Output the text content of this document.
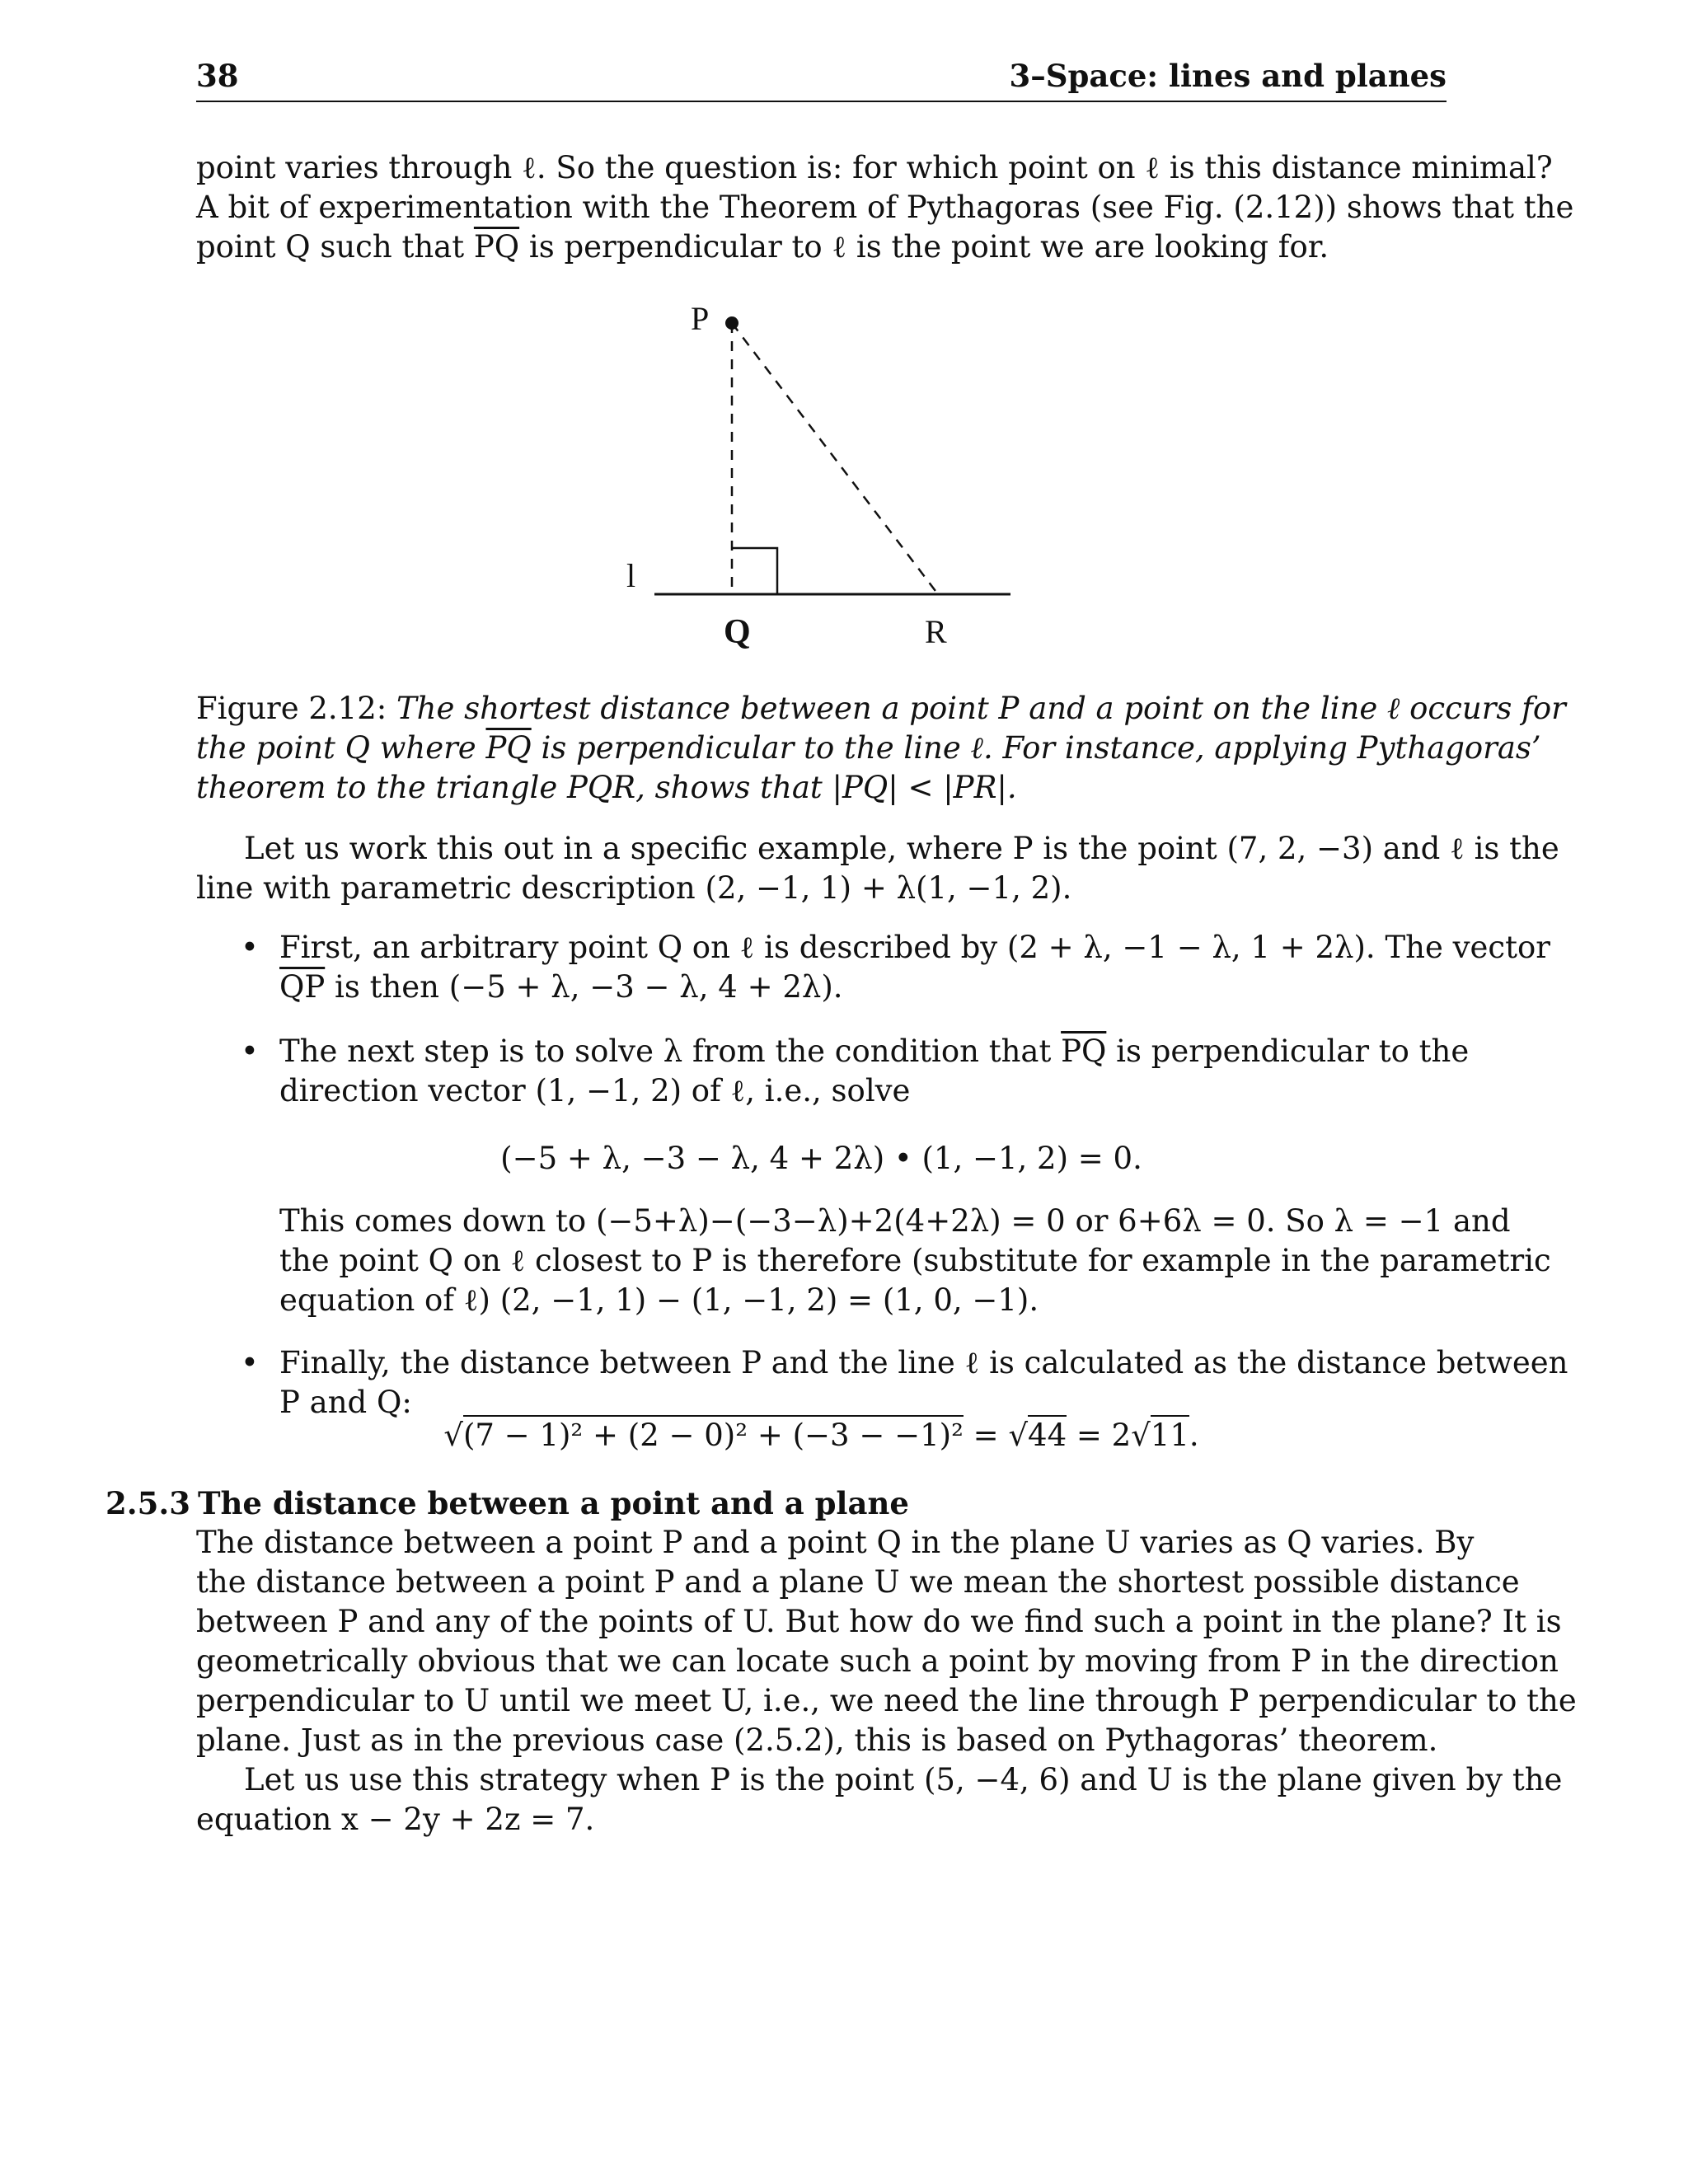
38	3–Space: lines and planes
point varies through ℓ. So the question is: for which point on ℓ is this distance minimal?
A bit of experimentation with the Theorem of Pythagoras (see Fig. (2.12)) shows that the
point Q such that $\overline{PQ}$ is perpendicular to ℓ is the point we are looking for.
P
Q	R
l
Figure 2.12: The shortest distance between a point P and a point on the line ℓ occurs for
the point Q where $\overline{PQ}$ is perpendicular to the line ℓ. For instance, applying Pythagoras’
theorem to the triangle PQR, shows that |PQ| < |PR|.
Let us work this out in a specific example, where P is the point (7, 2, −3) and ℓ is the
line with parametric description (2, −1, 1) + λ(1, −1, 2).
• First, an arbitrary point Q on ℓ is described by (2 + λ, −1 − λ, 1 + 2λ). The vector
$\overline{QP}$ is then (−5 + λ, −3 − λ, 4 + 2λ).
• The next step is to solve λ from the condition that $\overline{PQ}$ is perpendicular to the
direction vector (1, −1, 2) of ℓ, i.e., solve
(−5 + λ, −3 − λ, 4 + 2λ) • (1, −1, 2) = 0.
This comes down to (−5+λ)−(−3−λ)+2(4+2λ) = 0 or 6+6λ = 0. So λ = −1 and
the point Q on ℓ closest to P is therefore (substitute for example in the parametric
equation of ℓ) (2, −1, 1) − (1, −1, 2) = (1, 0, −1).
• Finally, the distance between P and the line ℓ is calculated as the distance between
P and Q:
√(7 − 1)² + (2 − 0)² + (−3 − −1)² = √44 = 2√11.
2.5.3 The distance between a point and a plane
The distance between a point P and a point Q in the plane U varies as Q varies. By
the distance between a point P and a plane U we mean the shortest possible distance
between P and any of the points of U. But how do we find such a point in the plane? It is
geometrically obvious that we can locate such a point by moving from P in the direction
perpendicular to U until we meet U, i.e., we need the line through P perpendicular to the
plane. Just as in the previous case (2.5.2), this is based on Pythagoras’ theorem.
Let us use this strategy when P is the point (5, −4, 6) and U is the plane given by the
equation x − 2y + 2z = 7.
